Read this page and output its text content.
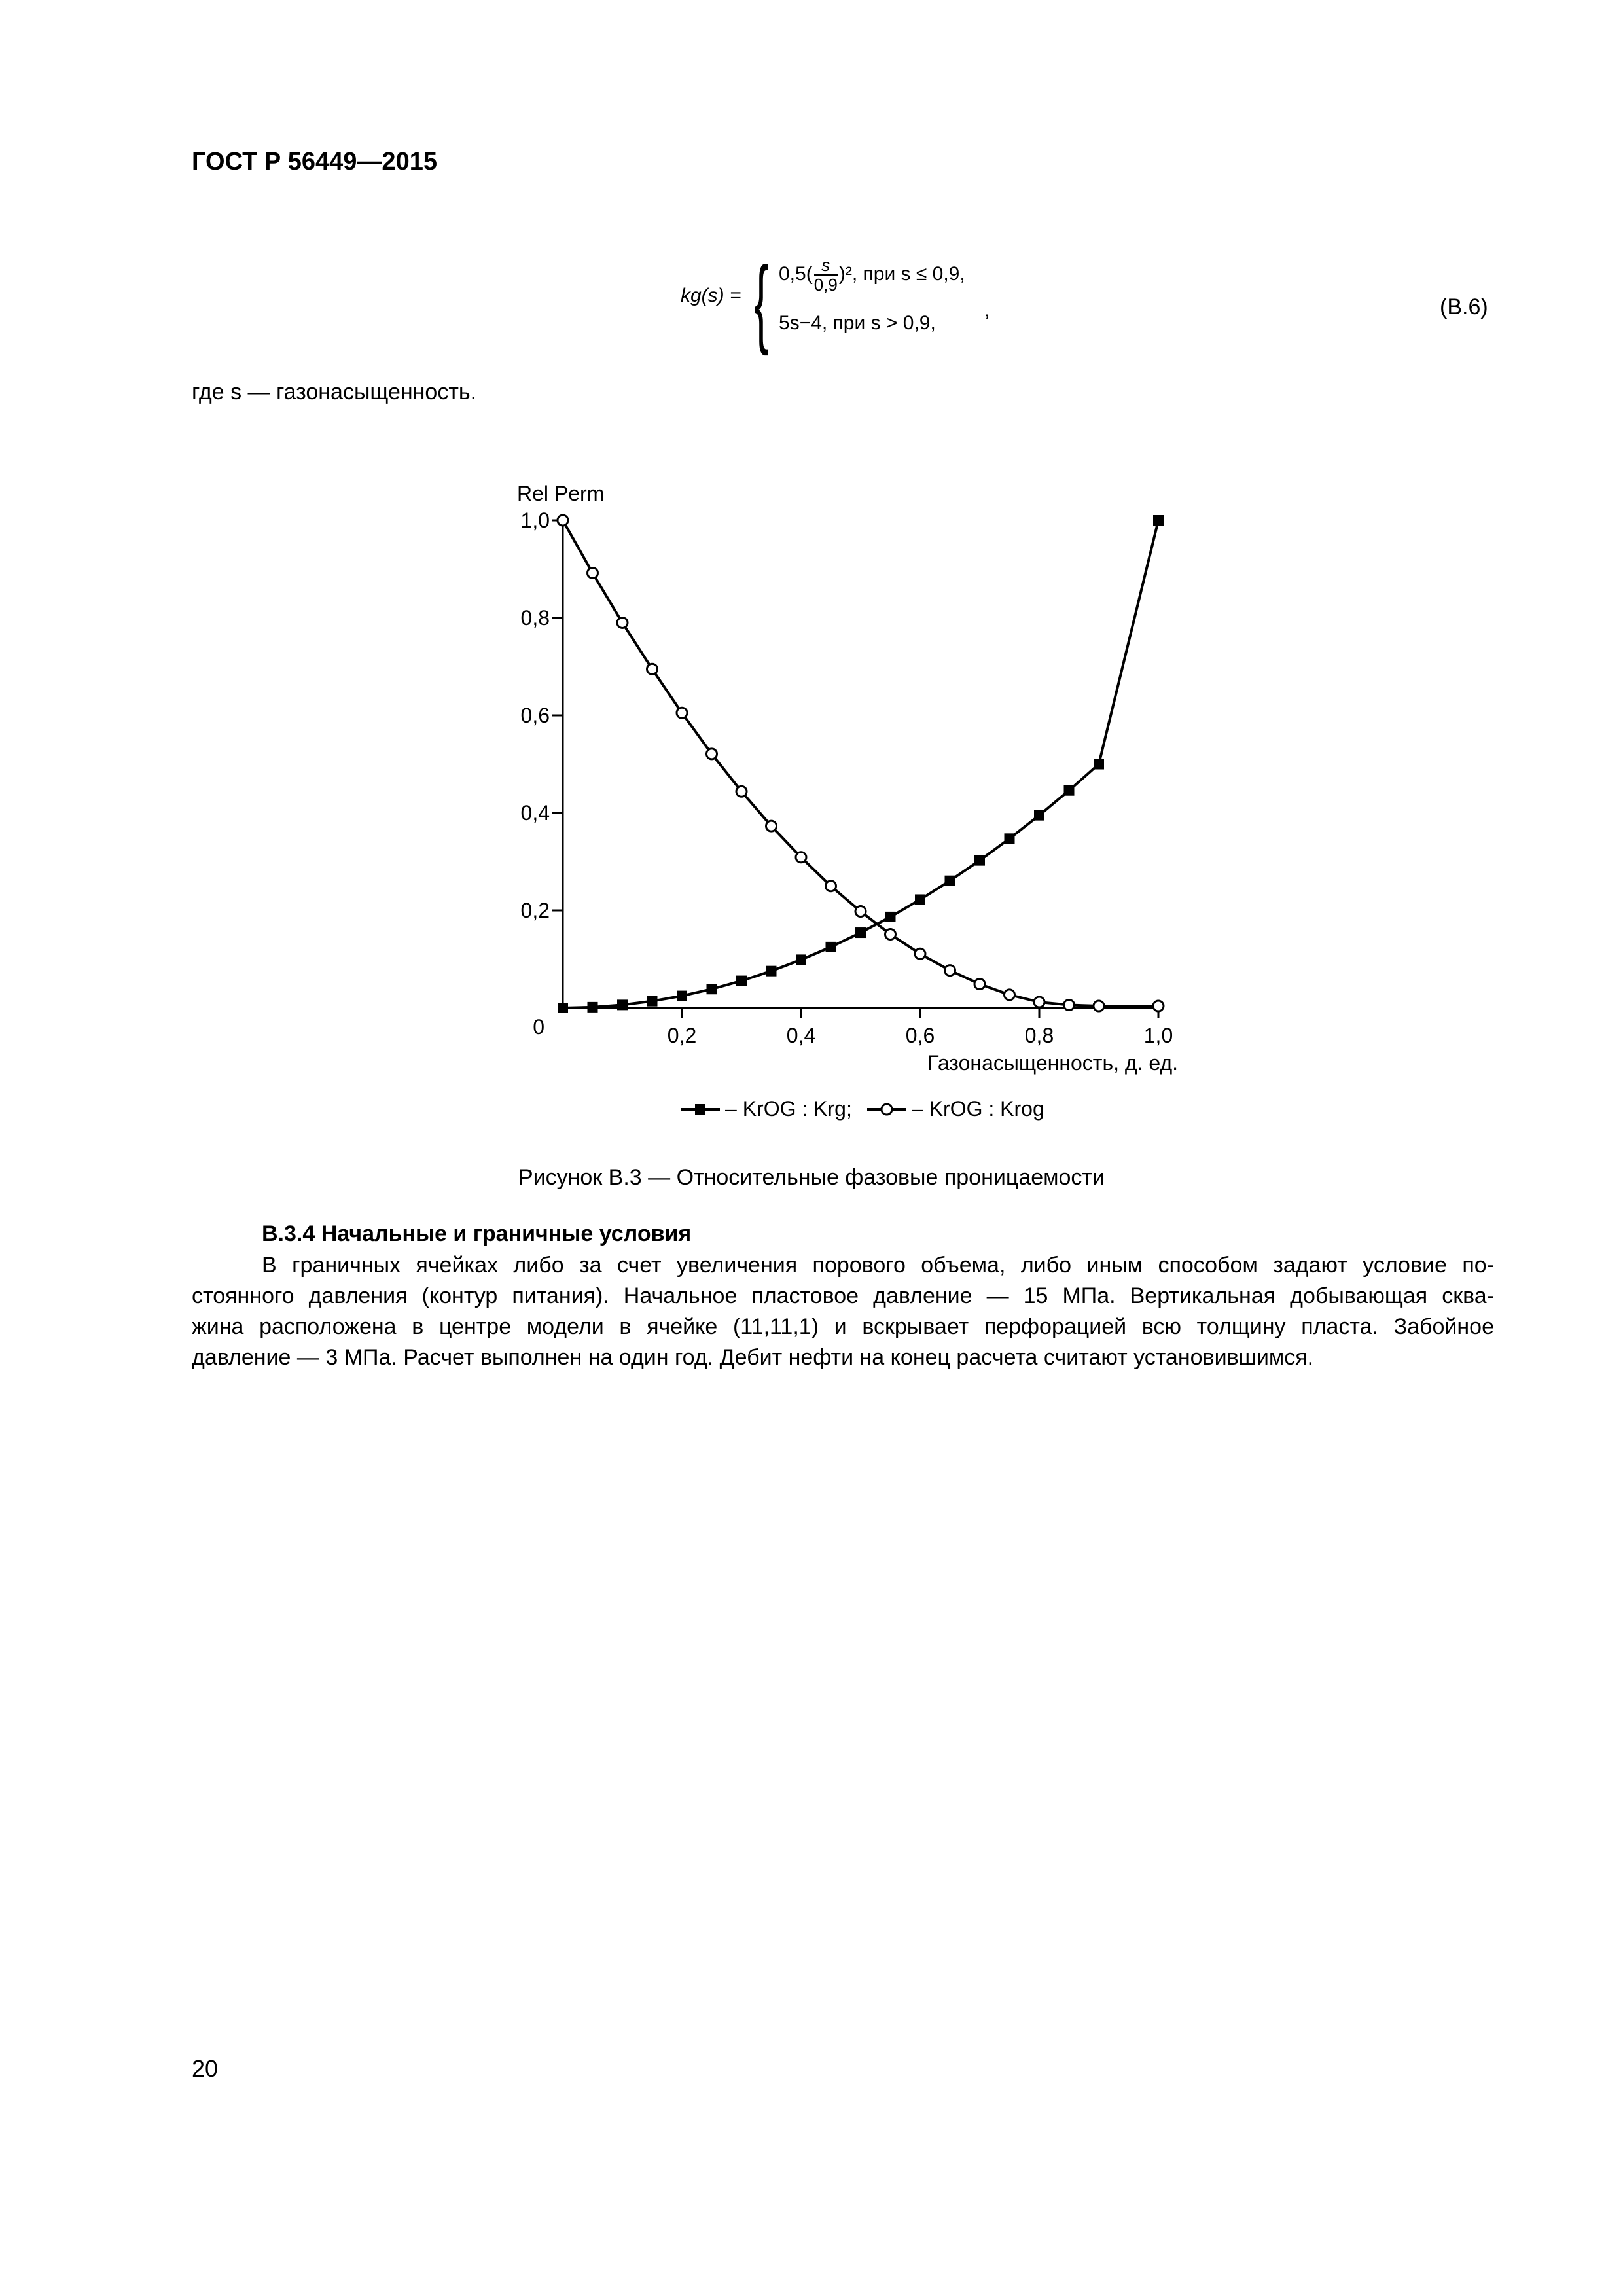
ГОСТ Р 56449—2015
kg(s) = { $0,5( \frac{s}{0,9} )^2$, при s ≤ 0,9,
5s−4, при s > 0,9,	’
(В.6)
где s — газонасыщенность.
Rel Perm
1,0
0,8
0,6
0,4
0,2
0	0,2	0,4	0,6	0,8	1,0
Газонасыщенность, д. ед.
– KrOG : Krg;	– KrOG : Krog
Рисунок В.3 — Относительные фазовые проницаемости
В.3.4 Начальные и граничные условия
В граничных ячейках либо за счет увеличения порового объема, либо иным способом задают условие по-
стоянного давления (контур питания). Начальное пластовое давление — 15 МПа. Вертикальная добывающая сква-
жина расположена в центре модели в ячейке (11,11,1) и вскрывает перфорацией всю толщину пласта. Забойное
давление — 3 МПа. Расчет выполнен на один год. Дебит нефти на конец расчета считают установившимся.
20
